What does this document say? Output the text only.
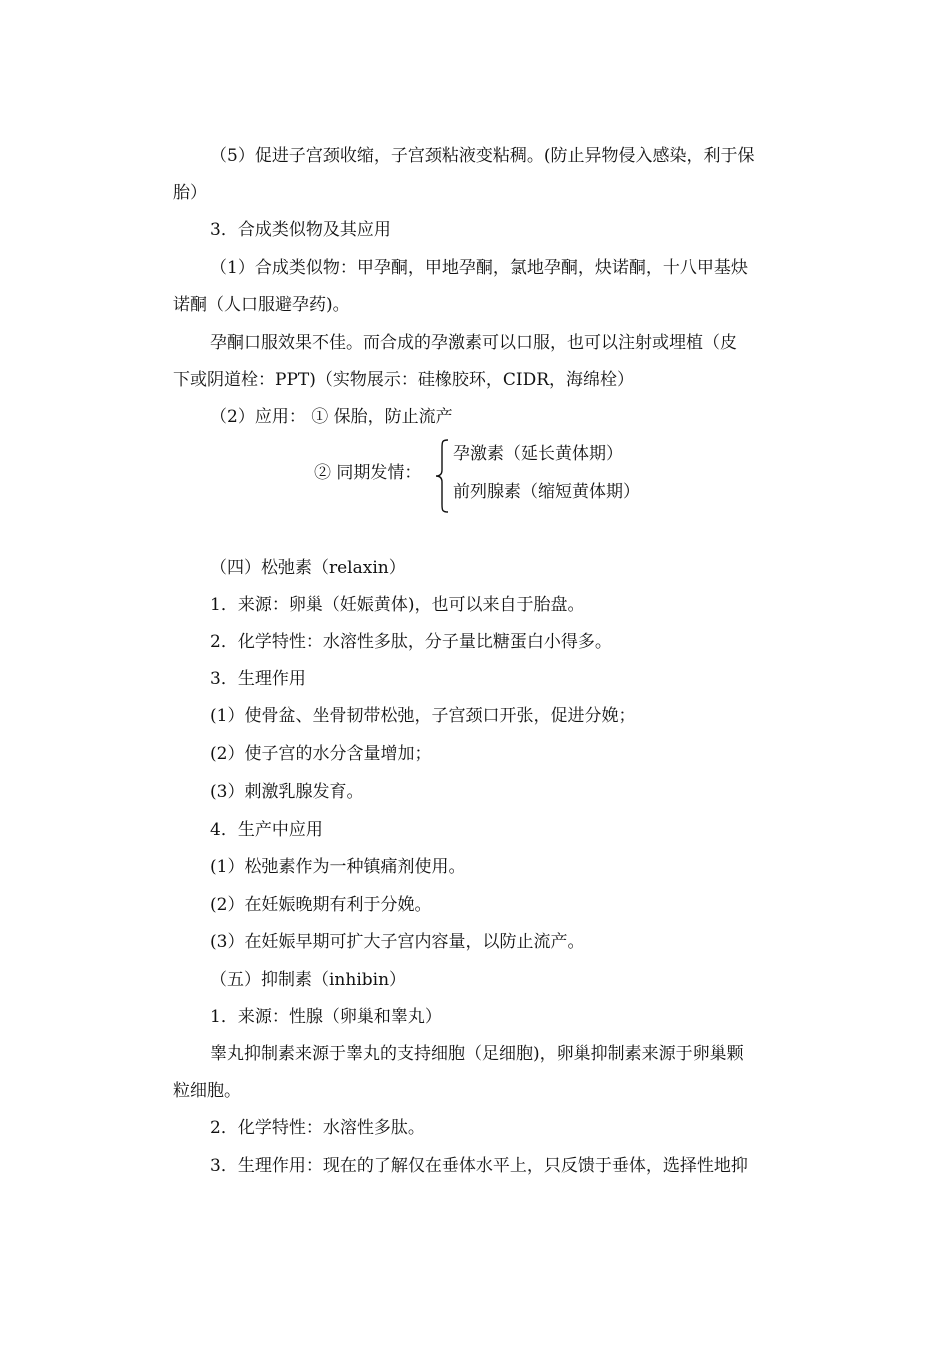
（5）促进子宫颈收缩，子宫颈粘液变粘稠。(防止异物侵入感染，利于保

胎）

3．合成类似物及其应用

（1）合成类似物：甲孕酮，甲地孕酮，氯地孕酮，炔诺酮，十八甲基炔

诺酮（人口服避孕药)。

孕酮口服效果不佳。而合成的孕激素可以口服，也可以注射或埋植（皮

下或阴道栓：PPT)（实物展示：硅橡胶环，CIDR，海绵栓）

（2）应用： ① 保胎，防止流产

② 同期发情：
孕激素（延长黄体期）
前列腺素（缩短黄体期）

（四）松弛素（relaxin）

1．来源：卵巢（妊娠黄体)，也可以来自于胎盘。

2．化学特性：水溶性多肽，分子量比糖蛋白小得多。

3．生理作用

(1）使骨盆、坐骨韧带松弛，子宫颈口开张，促进分娩；

(2）使子宫的水分含量增加；

(3）刺激乳腺发育。

4．生产中应用

(1）松弛素作为一种镇痛剂使用。

(2）在妊娠晚期有利于分娩。

(3）在妊娠早期可扩大子宫内容量，以防止流产。

（五）抑制素（inhibin）

1．来源：性腺（卵巢和睾丸）

睾丸抑制素来源于睾丸的支持细胞（足细胞)，卵巢抑制素来源于卵巢颗

粒细胞。

2．化学特性：水溶性多肽。

3．生理作用：现在的了解仅在垂体水平上，只反馈于垂体，选择性地抑
